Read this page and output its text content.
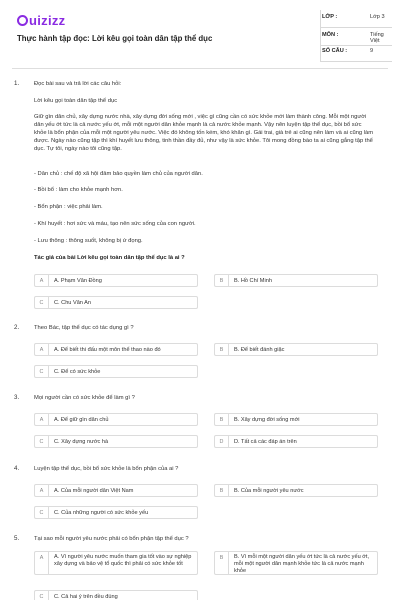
uizizz
Thực hành tập đọc: Lời kêu gọi toàn dân tập thể dục
LỚP :	Lớp 3
MÔN :	Tiếng Việt
SỐ CÂU :	9
1.	Đọc bài sau và trả lời các câu hỏi:
Lời kêu gọi toàn dân tập thể dục
Giữ gìn dân chủ, xây dựng nước nhà, xây dựng đời sống mới , việc gì cũng cần có sức khỏe mới làm thành công. Mỗi một người dân yếu ớt tức là cả nước yếu ớt, mỗi một người dân khỏe mạnh là cả nước khỏe mạnh. Vậy nên luyện tập thể dục, bồi bổ sức khỏe là bổn phận của mỗi một người yêu nước. Việc đó không tốn kém, khó khăn gì. Gái trai, già trẻ ai cũng nên làm và ai cũng làm được. Ngày nào cũng tập thì khí huyết lưu thông, tinh thần đầy đủ, như vậy là sức khỏe. Tôi mong đồng bào ta ai cũng gắng tập thể dục. Tự tôi, ngày nào tôi cũng tập.
- Dân chủ : chế độ xã hội đảm bảo quyền làm chủ của người dân.
- Bồi bổ : làm cho khỏe mạnh hơn.
- Bổn phận : việc phải làm.
- Khí huyết : hơi sức và máu, tạo nên sức sống của con người.
- Lưu thông : thông suốt, không bị ứ đọng.
Tác giả của bài Lời kêu gọi toàn dân tập thể dục là ai ?
A	A. Phạm Văn Đồng	B	B. Hồ Chí Minh
C	C. Chu Văn An
2.	Theo Bác, tập thể dục có tác dụng gì ?
A	A. Để biết thi đấu một môn thể thao nào đó	B	B. Để biết đánh giặc
C	C. Để có sức khỏe
3.	Mọi người cần có sức khỏe để làm gì ?
A	A. Để giữ gìn dân chủ	B	B. Xây dựng đời sống mới
C	C. Xây dựng nước hà	D	D. Tất cả các đáp án trên
4.	Luyện tập thể dục, bồi bổ sức khỏe là bổn phận của ai ?
A	A. Của mỗi người dân Việt Nam	B	B. Của mỗi người yêu nước
C	C. Của những người có sức khỏe yếu
5.	Tại sao mỗi người yêu nước phải có bổn phận tập thể dục ?
A	A. Vì người yêu nước muốn tham gia tốt vào sự nghiệp xây dựng và bảo vệ tổ quốc thì phải có sức khỏe tốt
B	B. Vì mỗi một người dân yếu ớt tức là cả nước yếu ớt, mỗi một người dân mạnh khỏe tức là cả nước mạnh khỏe
C	C. Cả hai ý trên đều đúng
